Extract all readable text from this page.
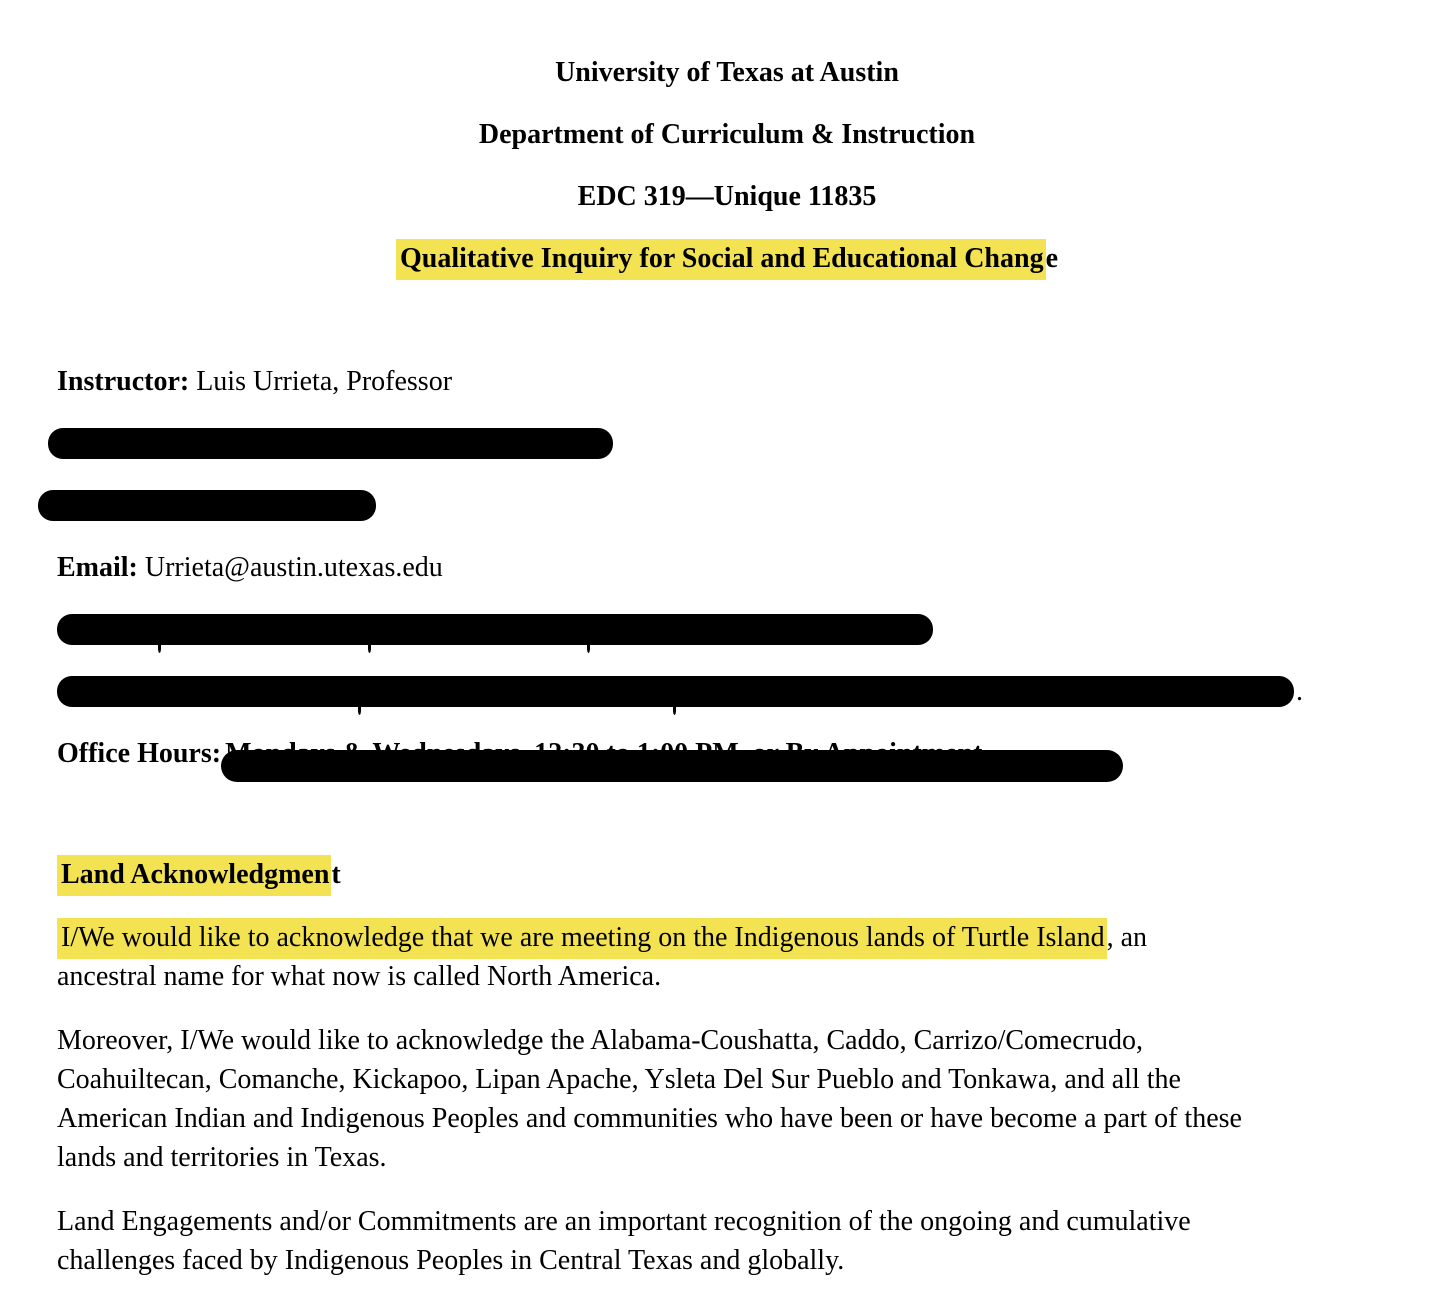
University of Texas at Austin
Department of Curriculum & Instruction
EDC 319—Unique 11835
Qualitative Inquiry for Social and Educational Change
Instructor: Luis Urrieta, Professor
Email: Urrieta@austin.utexas.edu
.
Office Hours:
Land Acknowledgment

I/We would like to acknowledge that we are meeting on the Indigenous lands of Turtle Island, an
ancestral name for what now is called North America.

Moreover, I/We would like to acknowledge the Alabama-Coushatta, Caddo, Carrizo/Comecrudo,
Coahuiltecan, Comanche, Kickapoo, Lipan Apache, Ysleta Del Sur Pueblo and Tonkawa, and all the
American Indian and Indigenous Peoples and communities who have been or have become a part of these
lands and territories in Texas.

Land Engagements and/or Commitments are an important recognition of the ongoing and cumulative
challenges faced by Indigenous Peoples in Central Texas and globally.
